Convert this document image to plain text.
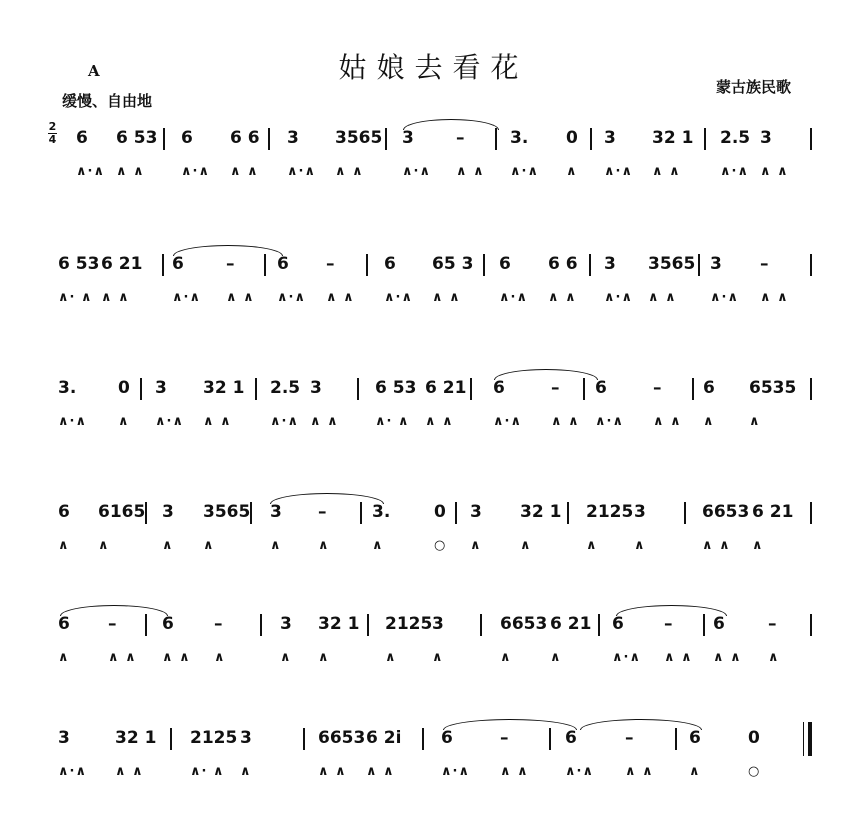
姑娘去看花
A
缓慢、自由地
蒙古族民歌
2
4 6 6 53 6 6 6 3 3565 3 –	3. 0 3 32 1 2.5 3
∧·∧ ∧ ∧	∧·∧ ∧ ∧ ∧·∧ ∧ ∧	∧·∧ ∧ ∧ ∧·∧ ∧ ∧·∧ ∧ ∧	∧·∧ ∧ ∧
6 53 6 21 6 –	6 –	6 65 3 6 6 6 3 3565 3 –
∧· ∧ ∧ ∧	∧·∧ ∧ ∧ ∧·∧ ∧ ∧ ∧·∧ ∧ ∧	∧·∧ ∧ ∧ ∧·∧ ∧ ∧	∧·∧ ∧ ∧
3. 0 3 32 1 2.5 3	6 53 6 21 6	– 6	– 6 6535
∧·∧ ∧ ∧·∧ ∧ ∧	∧·∧ ∧ ∧	∧· ∧ ∧ ∧	∧·∧ ∧ ∧ ∧·∧ ∧ ∧ ∧	∧
6 6165 3 3565 3 –	3.	0 3 32 1 2125 3	6653 6 21
∧ ∧	∧ ∧	∧	∧	∧	○ ∧	∧	∧	∧	∧ ∧ ∧
6 –	6 –	3 32 1 2125 3	6653 6 21 6 – 6	–
∧	∧ ∧ ∧ ∧ ∧	∧ ∧	∧	∧	∧	∧	∧·∧ ∧ ∧ ∧ ∧ ∧
3	32 1 2125 3	6653 6 2i 6	–	6	–	6	0
∧·∧ ∧ ∧	∧· ∧ ∧	∧ ∧ ∧ ∧	∧·∧ ∧ ∧	∧·∧ ∧ ∧	∧	○
